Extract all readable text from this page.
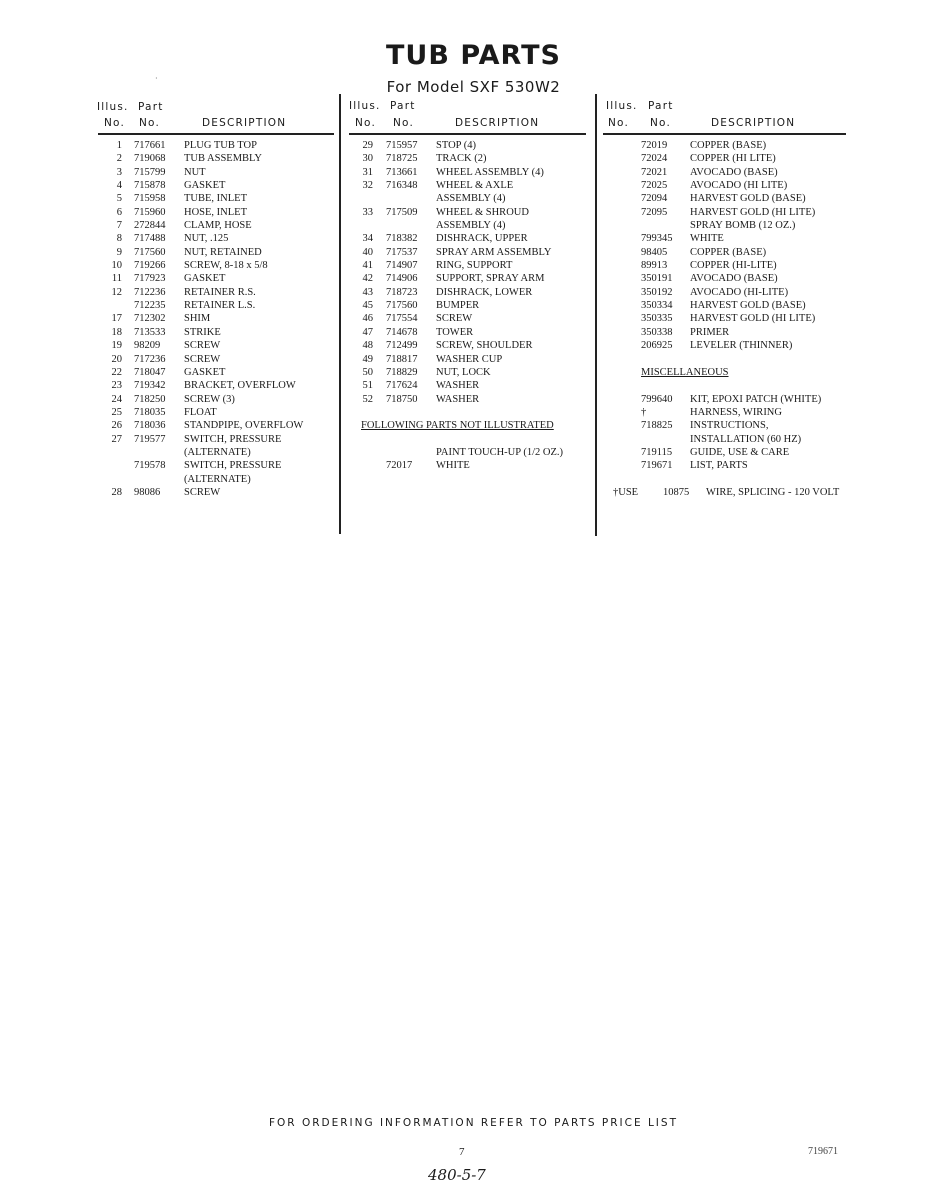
TUB PARTS
For Model SXF 530W2
·
Illus. Part
No. No.	DESCRIPTION
Illus. Part
No. No.	DESCRIPTION
Illus. Part
No. No.	DESCRIPTION
1 717661 PLUG TUB TOP
2 719068 TUB ASSEMBLY
3 715799 NUT
4 715878 GASKET
5 715958 TUBE, INLET
6 715960 HOSE, INLET
7 272844 CLAMP, HOSE
8 717488 NUT, .125
9 717560 NUT, RETAINED
10 719266 SCREW, 8-18 x 5/8
11 717923 GASKET
12 712236 RETAINER R.S.
712235 RETAINER L.S.
17 712302 SHIM
18 713533 STRIKE
19 98209 SCREW
20 717236 SCREW
22 718047 GASKET
23 719342 BRACKET, OVERFLOW
24 718250 SCREW (3)
25 718035 FLOAT
26 718036 STANDPIPE, OVERFLOW
27 719577 SWITCH, PRESSURE
(ALTERNATE)
719578 SWITCH, PRESSURE
(ALTERNATE)
28 98086 SCREW
29 715957 STOP (4)
30 718725 TRACK (2)
31 713661 WHEEL ASSEMBLY (4)
32 716348 WHEEL & AXLE
ASSEMBLY (4)
33 717509 WHEEL & SHROUD
ASSEMBLY (4)
34 718382 DISHRACK, UPPER
40 717537 SPRAY ARM ASSEMBLY
41 714907 RING, SUPPORT
42 714906 SUPPORT, SPRAY ARM
43 718723 DISHRACK, LOWER
45 717560 BUMPER
46 717554 SCREW
47 714678 TOWER
48 712499 SCREW, SHOULDER
49 718817 WASHER CUP
50 718829 NUT, LOCK
51 717624 WASHER
52 718750 WASHER
FOLLOWING PARTS NOT ILLUSTRATED
PAINT TOUCH-UP (1/2 OZ.)
72017 WHITE
72019 COPPER (BASE)
72024 COPPER (HI LITE)
72021 AVOCADO (BASE)
72025 AVOCADO (HI LITE)
72094 HARVEST GOLD (BASE)
72095 HARVEST GOLD (HI LITE)
SPRAY BOMB (12 OZ.)
799345 WHITE
98405 COPPER (BASE)
89913 COPPER (HI-LITE)
350191 AVOCADO (BASE)
350192 AVOCADO (HI-LITE)
350334 HARVEST GOLD (BASE)
350335 HARVEST GOLD (HI LITE)
350338 PRIMER
206925 LEVELER (THINNER)
MISCELLANEOUS
799640 KIT, EPOXI PATCH (WHITE)
†	HARNESS, WIRING
718825 INSTRUCTIONS,
INSTALLATION (60 HZ)
719115 GUIDE, USE & CARE
719671 LIST, PARTS
†USE 10875 WIRE, SPLICING - 120 VOLT
FOR ORDERING INFORMATION REFER TO PARTS PRICE LIST
7	719671
480-5-7
